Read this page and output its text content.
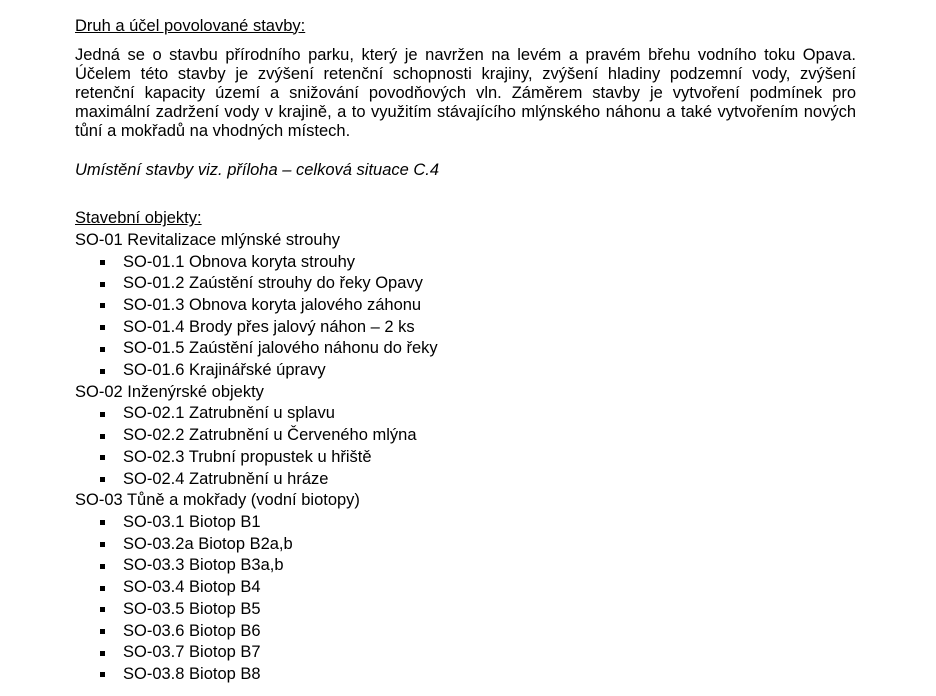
Druh a účel povolované stavby:
Jedná se o stavbu přírodního parku, který je navržen na levém a pravém břehu vodního toku Opava.
Účelem této stavby je zvýšení retenční schopnosti krajiny, zvýšení hladiny podzemní vody, zvýšení
retenční kapacity území a snižování povodňových vln. Záměrem stavby je vytvoření podmínek pro
maximální zadržení vody v krajině, a to využitím stávajícího mlýnského náhonu a také vytvořením nových
tůní a mokřadů na vhodných místech.
Umístění stavby viz. příloha – celková situace C.4
Stavební objekty:
SO-01 Revitalizace mlýnské strouhy
SO-01.1 Obnova koryta strouhy
SO-01.2 Zaústění strouhy do řeky Opavy
SO-01.3 Obnova koryta jalového záhonu
SO-01.4 Brody přes jalový náhon – 2 ks
SO-01.5 Zaústění jalového náhonu do řeky
SO-01.6 Krajinářské úpravy
SO-02 Inženýrské objekty
SO-02.1 Zatrubnění u splavu
SO-02.2 Zatrubnění u Červeného mlýna
SO-02.3 Trubní propustek u hřiště
SO-02.4 Zatrubnění u hráze
SO-03 Tůně a mokřady (vodní biotopy)
SO-03.1 Biotop B1
SO-03.2a Biotop B2a,b
SO-03.3 Biotop B3a,b
SO-03.4 Biotop B4
SO-03.5 Biotop B5
SO-03.6 Biotop B6
SO-03.7 Biotop B7
SO-03.8 Biotop B8
